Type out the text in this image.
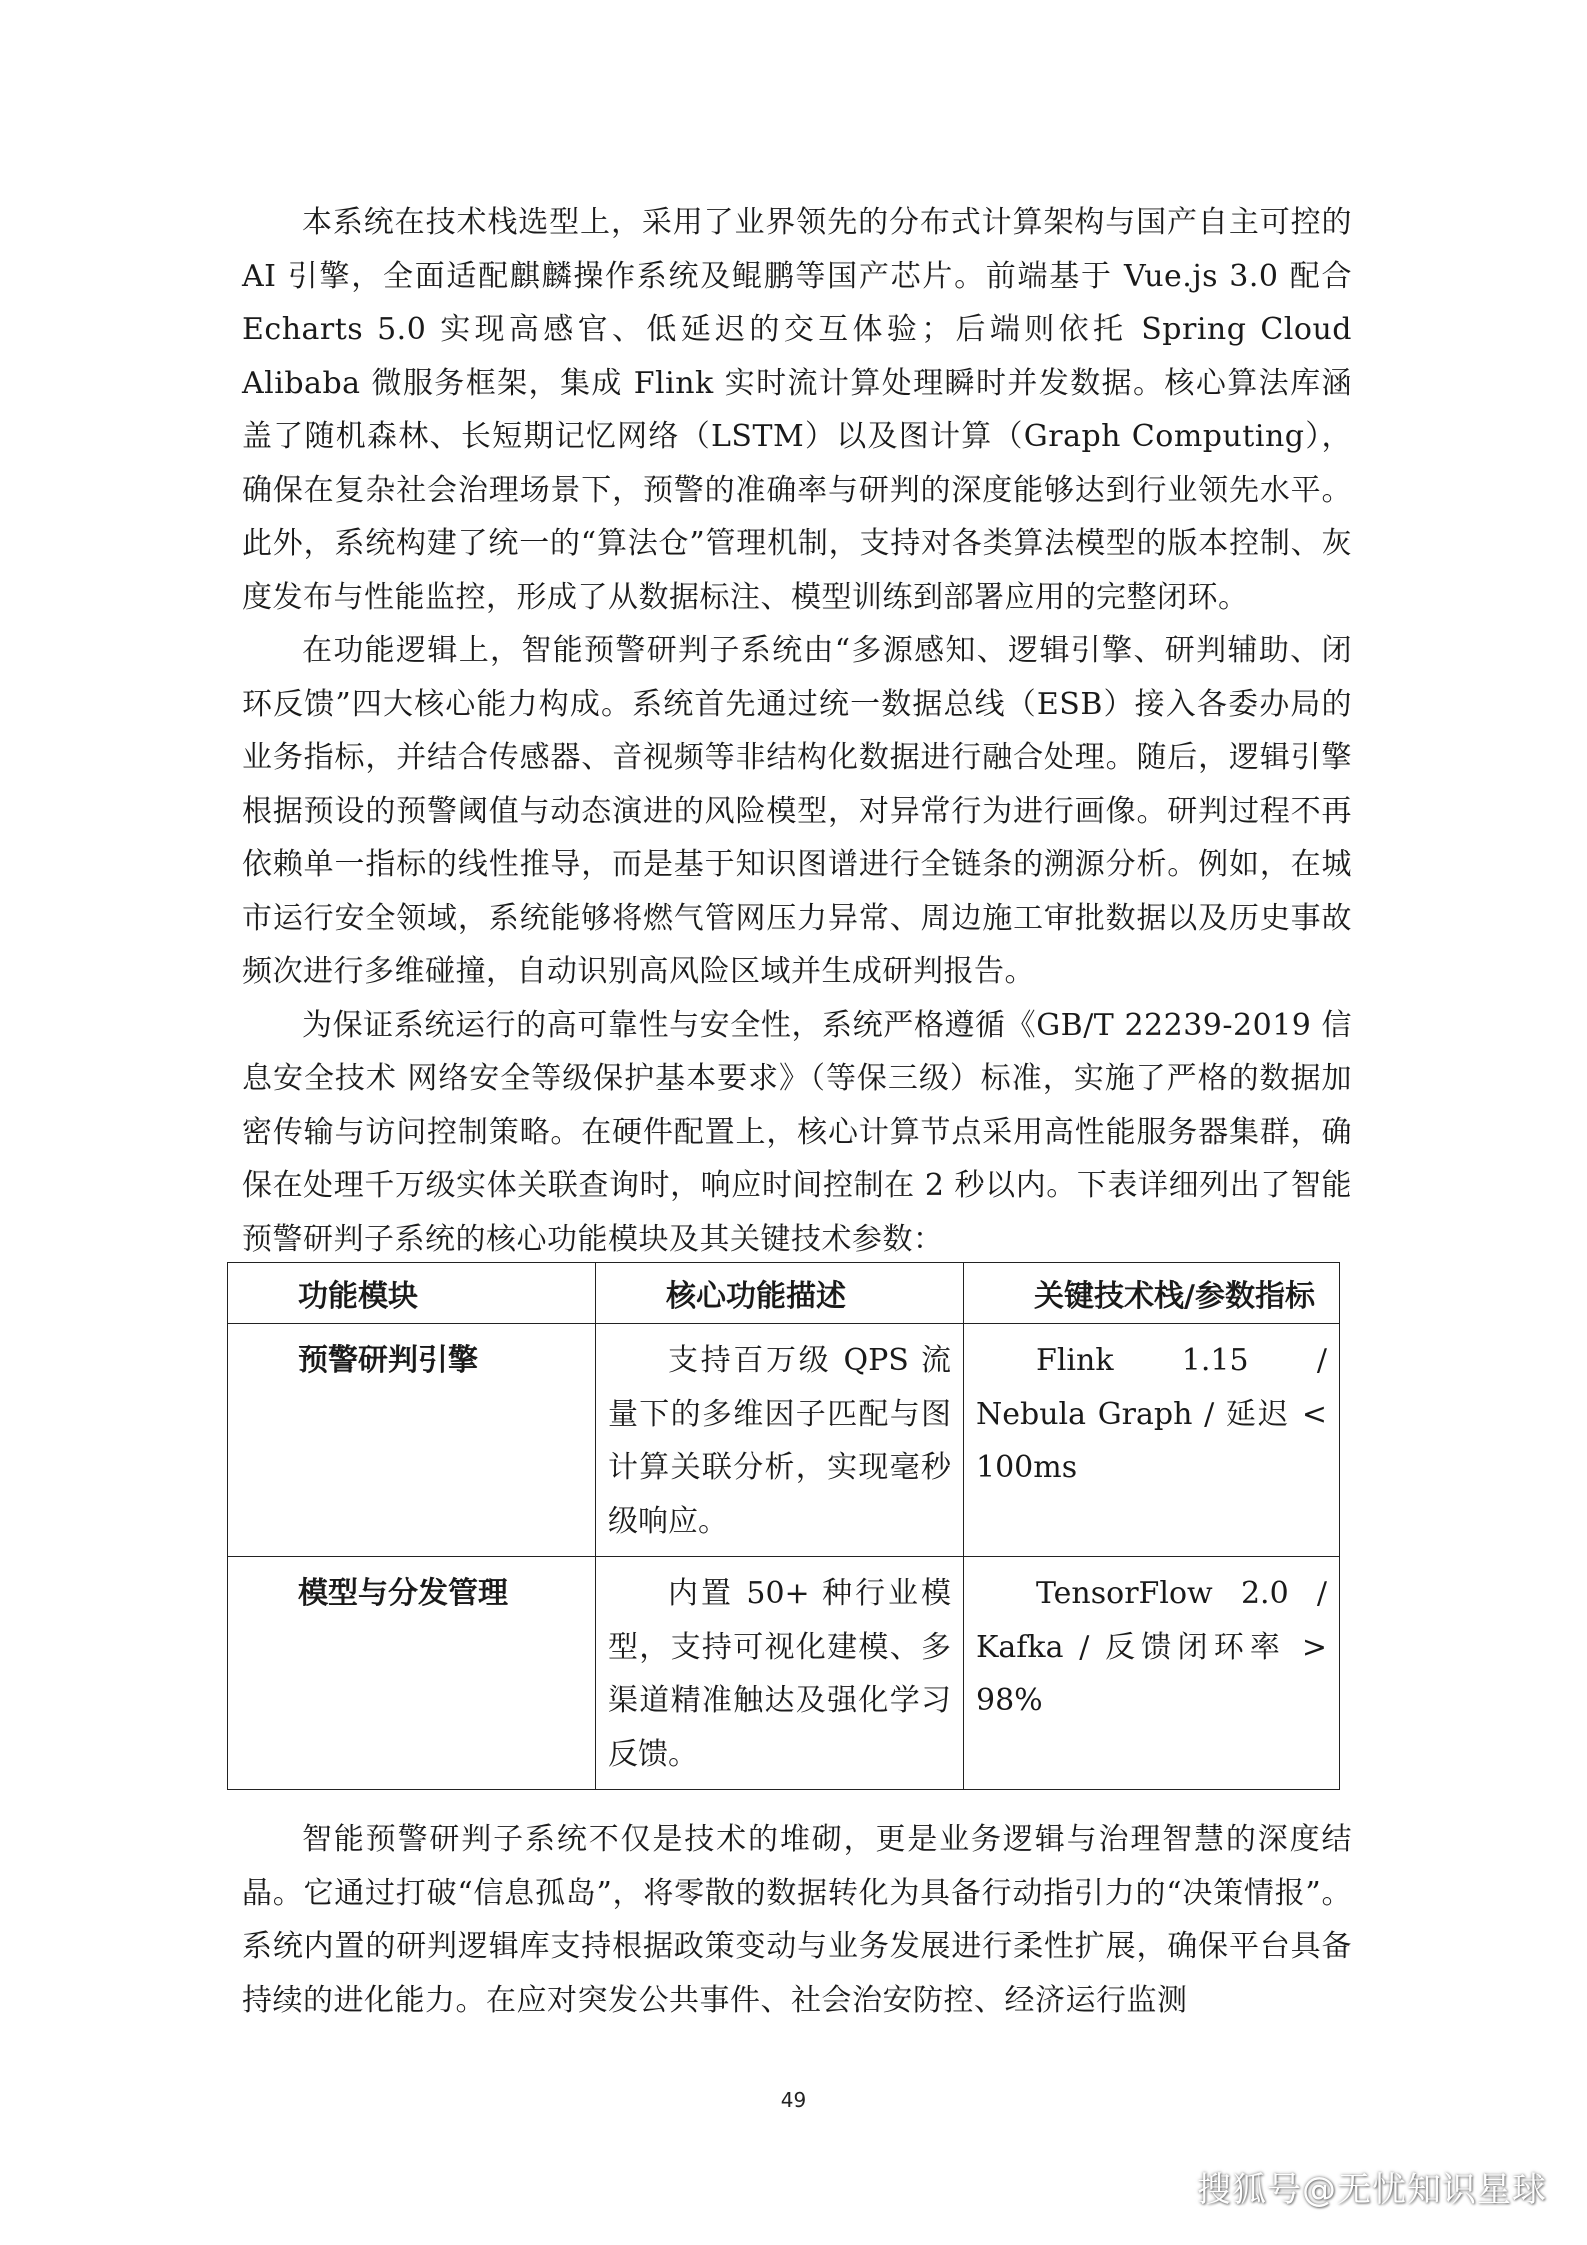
本系统在技术栈选型上，采用了业界领先的分布式计算架构与国产自主可控的 AI 引擎，全面适配麒麟操作系统及鲲鹏等国产芯片。前端基于 Vue.js 3.0 配合 Echarts 5.0 实现高感官、低延迟的交互体验；后端则依托 Spring Cloud Alibaba 微服务框架，集成 Flink 实时流计算处理瞬时并发数据。核心算法库涵盖了随机森林、长短期记忆网络（LSTM）以及图计算（Graph Computing），确保在复杂社会治理场景下，预警的准确率与研判的深度能够达到行业领先水平。此外，系统构建了统一的“算法仓”管理机制，支持对各类算法模型的版本控制、灰度发布与性能监控，形成了从数据标注、模型训练到部署应用的完整闭环。

在功能逻辑上，智能预警研判子系统由“多源感知、逻辑引擎、研判辅助、闭环反馈”四大核心能力构成。系统首先通过统一数据总线（ESB）接入各委办局的业务指标，并结合传感器、音视频等非结构化数据进行融合处理。随后，逻辑引擎根据预设的预警阈值与动态演进的风险模型，对异常行为进行画像。研判过程不再依赖单一指标的线性推导，而是基于知识图谱进行全链条的溯源分析。例如，在城市运行安全领域，系统能够将燃气管网压力异常、周边施工审批数据以及历史事故频次进行多维碰撞，自动识别高风险区域并生成研判报告。

为保证系统运行的高可靠性与安全性，系统严格遵循《GB/T 22239-2019 信息安全技术 网络安全等级保护基本要求》（等保三级）标准，实施了严格的数据加密传输与访问控制策略。在硬件配置上，核心计算节点采用高性能服务器集群，确保在处理千万级实体关联查询时，响应时间控制在 2 秒以内。下表详细列出了智能预警研判子系统的核心功能模块及其关键技术参数：

功能模块	核心功能描述	关键技术栈/参数指标
预警研判引擎	支持百万级 QPS 流量下的多维因子匹配与图计算关联分析，实现毫秒级响应。	Flink 1.15 / Nebula Graph / 延迟 < 100ms
模型与分发管理	内置 50+ 种行业模型，支持可视化建模、多渠道精准触达及强化学习反馈。	TensorFlow 2.0 / Kafka / 反馈闭环率 > 98%

智能预警研判子系统不仅是技术的堆砌，更是业务逻辑与治理智慧的深度结晶。它通过打破“信息孤岛”，将零散的数据转化为具备行动指引力的“决策情报”。系统内置的研判逻辑库支持根据政策变动与业务发展进行柔性扩展，确保平台具备持续的进化能力。在应对突发公共事件、社会治安防控、经济运行监测

49
搜狐号@无忧知识星球
